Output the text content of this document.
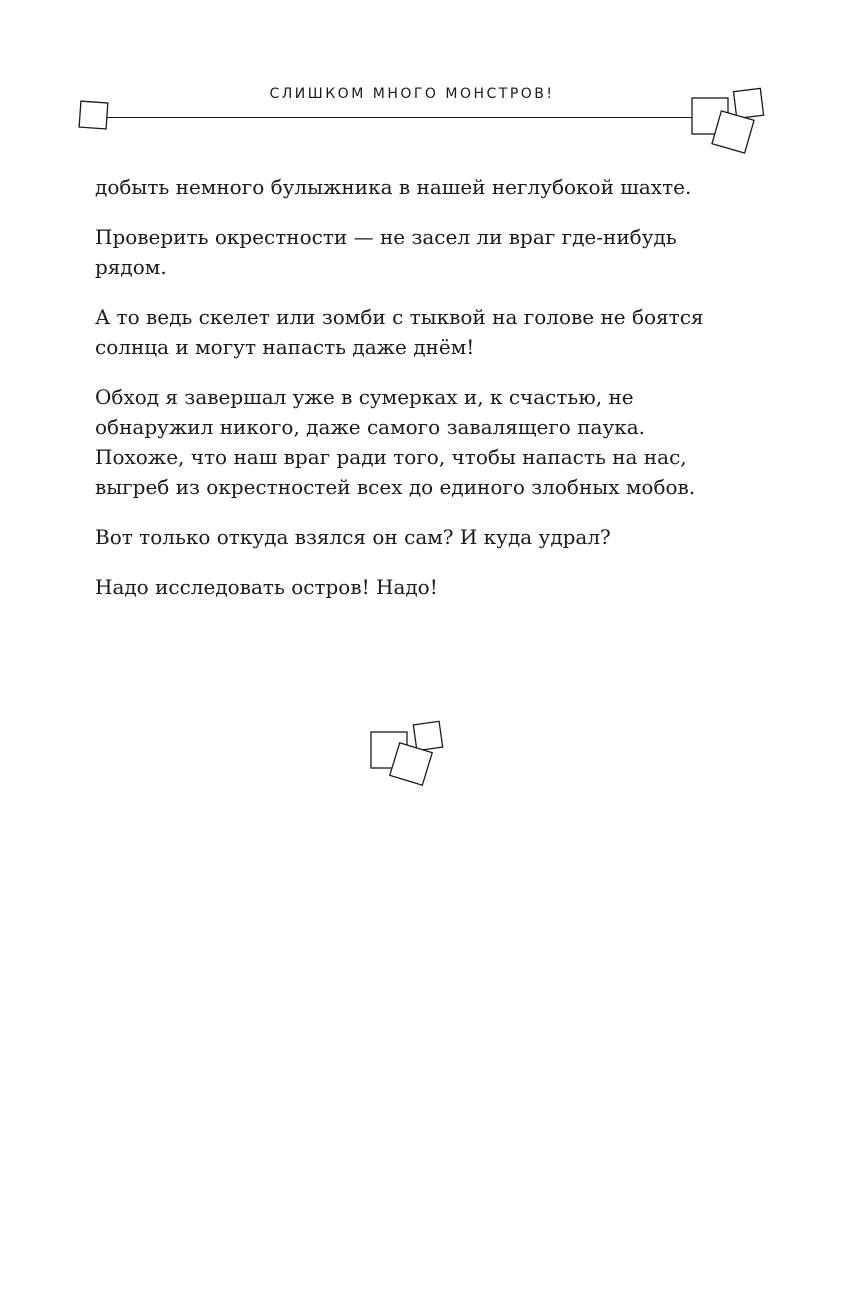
СЛИШКОМ МНОГО МОНСТРОВ!

добыть немного булыжника в нашей неглубокой шахте.

Проверить окрестности — не засел ли враг где-нибудь рядом.

А то ведь скелет или зомби с тыквой на голове не боятся солнца и могут напасть даже днём!

Обход я завершал уже в сумерках и, к счастью, не обнаружил никого, даже самого завалящего паука. Похоже, что наш враг ради того, чтобы напасть на нас, выгреб из окрестностей всех до единого злобных мобов.

Вот только откуда взялся он сам? И куда удрал?

Надо исследовать остров! Надо!
